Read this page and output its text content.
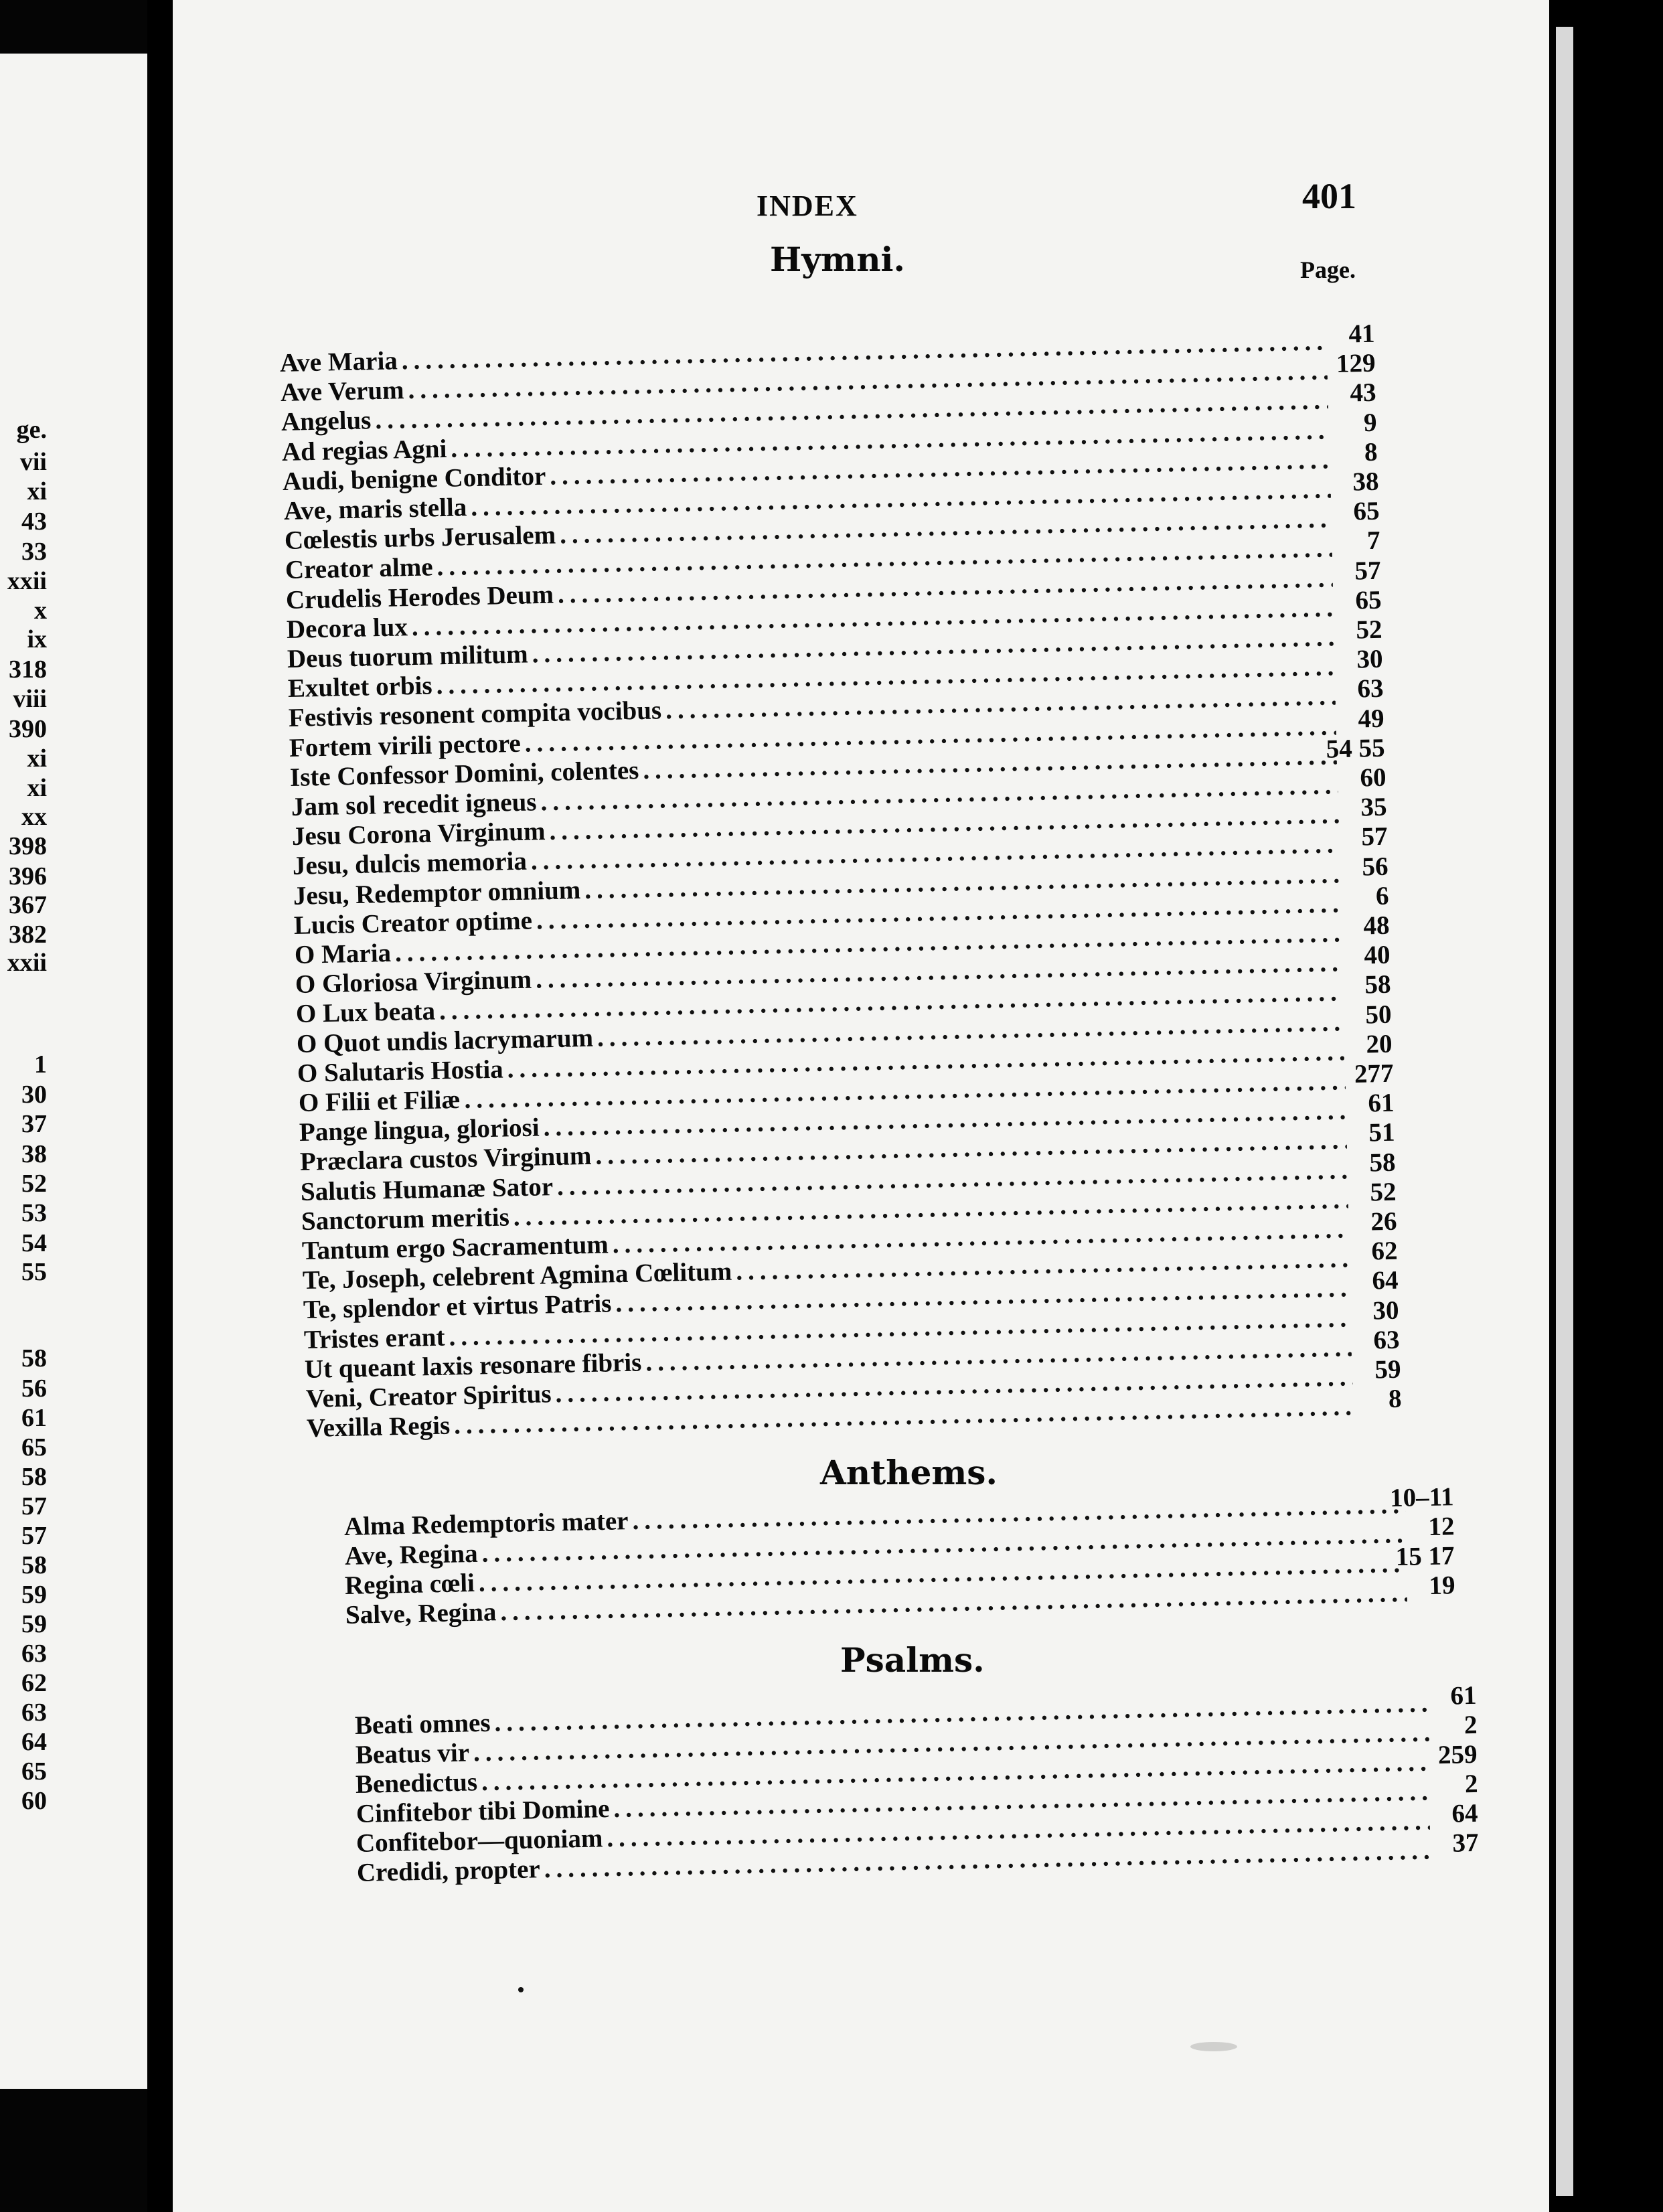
ge.
vii
xi
43
33
xxii
x
ix
318
viii
390
xi
xi
xx
398
396
367
382
xxii
1
30
37
38
52
53
54
55
58
56
61
65
58
57
57
58
59
59
63
62
63
64
65
60
INDEX	401
Hymni.	Page.
Ave Maria
.....
41
Ave Verum
.....
129
Angelus
.....
43
Ad regias Agni
.....
9
Audi, benigne Conditor
.....
8
Ave, maris stella
.....
38
Cœlestis urbs Jerusalem
.....
65
Creator alme
.....
7
Crudelis Herodes Deum
.....
57
Decora lux
.....
65
Deus tuorum militum
.....
52
Exultet orbis
.....
30
Festivis resonent compita vocibus
.....
63
Fortem virili pectore
.....
49
Iste Confessor Domini, colentes
.....
54 55
Jam sol recedit igneus
.....
60
Jesu Corona Virginum
.....
35
Jesu, dulcis memoria
.....
57
Jesu, Redemptor omnium
.....
56
Lucis Creator optime
.....
6
O Maria
.....
48
O Gloriosa Virginum
.....
40
O Lux beata
.....
58
O Quot undis lacrymarum
.....
50
O Salutaris Hostia
.....
20
O Filii et Filiæ
.....
277
Pange lingua, gloriosi
.....
61
Præclara custos Virginum
.....
51
Salutis Humanæ Sator
.....
58
Sanctorum meritis
.....
52
Tantum ergo Sacramentum
.....
26
Te, Joseph, celebrent Agmina Cœlitum
.....
62
Te, splendor et virtus Patris
.....
64
Tristes erant
.....
30
Ut queant laxis resonare fibris
.....
63
Veni, Creator Spiritus
.....
59
Vexilla Regis
.....
8
Anthems.
Alma Redemptoris mater
.....
10–11
Ave, Regina
.....
12
Regina cœli
.....
15 17
Salve, Regina
.....
19
Psalms.
Beati omnes
.....
61
Beatus vir
.....
2
Benedictus
.....
259
Cinfitebor tibi Domine
.....
2
Confitebor—quoniam
.....
64
Credidi, propter
.....
37
